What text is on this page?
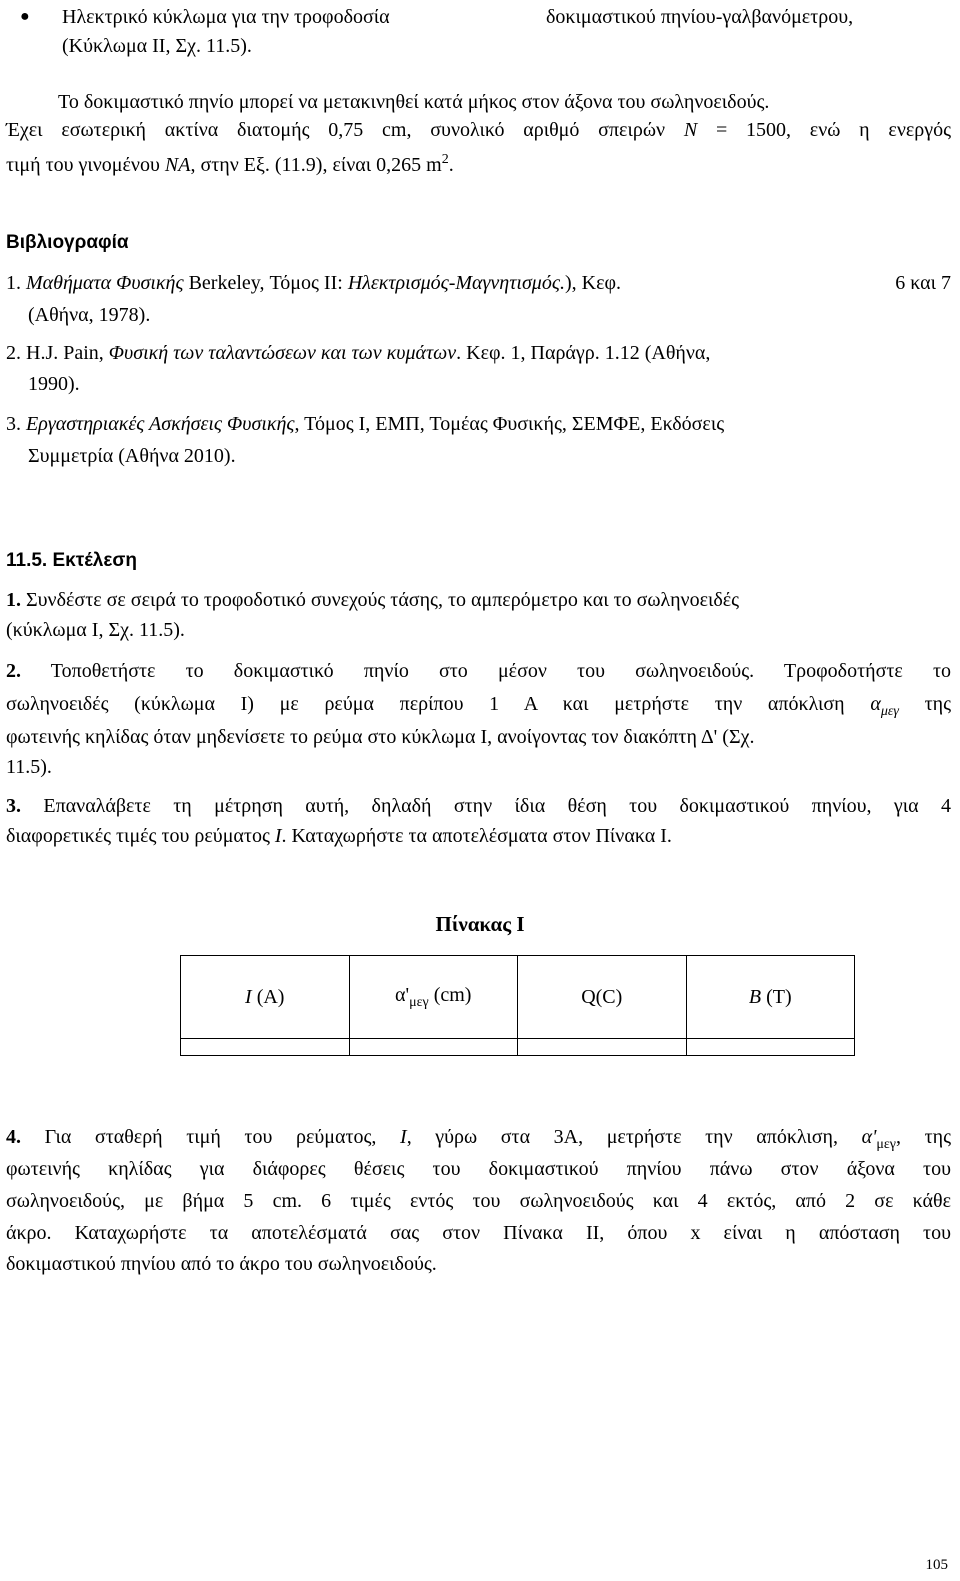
● Ηλεκτρικό κύκλωμα για την τροφοδοσία	δοκιμαστικού πηνίου-γαλβανόμετρου,
(Κύκλωμα ΙΙ, Σχ. 11.5).
Το δοκιμαστικό πηνίο μπορεί να μετακινηθεί κατά μήκος στον άξονα του σωληνοειδούς.
Έχει εσωτερική ακτίνα διατομής 0,75 cm, συνολικό αριθμό σπειρών N = 1500, ενώ η ενεργός
τιμή του γινομένου NA, στην Εξ. (11.9), είναι 0,265 $m^2$.
Βιβλιογραφία
1. Μαθήματα Φυσικής Berkeley, Τόμος ΙΙ: Ηλεκτρισμός-Μαγνητισμός.), Κεφ.	6 και 7
(Αθήνα, 1978).
2. H.J. Pain, Φυσική των ταλαντώσεων και των κυμάτων. Κεφ. 1, Παράγρ. 1.12 (Αθήνα,
1990).
3. Εργαστηριακές Ασκήσεις Φυσικής, Τόμος Ι, ΕΜΠ, Τομέας Φυσικής, ΣΕΜΦΕ, Εκδόσεις
Συμμετρία (Αθήνα 2010).
11.5. Εκτέλεση
1. Συνδέστε σε σειρά το τροφοδοτικό συνεχούς τάσης, το αμπερόμετρο και το σωληνοειδές
(κύκλωμα Ι, Σχ. 11.5).
2. Τοποθετήστε το δοκιμαστικό πηνίο στο μέσον του σωληνοειδούς. Τροφοδοτήστε το
σωληνοειδές (κύκλωμα Ι) με ρεύμα περίπου 1 Α και μετρήστε την απόκλιση $\alpha_{\mu\varepsilon\gamma}$ της
φωτεινής κηλίδας όταν μηδενίσετε το ρεύμα στο κύκλωμα Ι, ανοίγοντας τον διακόπτη Δ' (Σχ.
11.5).
3. Επαναλάβετε τη μέτρηση αυτή, δηλαδή στην ίδια θέση του δοκιμαστικού πηνίου, για 4
διαφορετικές τιμές του ρεύματος I. Καταχωρήστε τα αποτελέσματα στον Πίνακα Ι.
Πίνακας Ι
I (A)	$\alpha'_{\mu\varepsilon\gamma}$ (cm)	Q(C)	B (T)

4. Για σταθερή τιμή του ρεύματος, I, γύρω στα 3Α, μετρήστε την απόκλιση, $\alpha'_{\mu\varepsilon\gamma}$, της
φωτεινής κηλίδας για διάφορες θέσεις του δοκιμαστικού πηνίου πάνω στον άξονα του
σωληνοειδούς, με βήμα 5 cm. 6 τιμές εντός του σωληνοειδούς και 4 εκτός, από 2 σε κάθε
άκρο. Καταχωρήστε τα αποτελέσματά σας στον Πίνακα ΙΙ, όπου x είναι η απόσταση του
δοκιμαστικού πηνίου από το άκρο του σωληνοειδούς.
105
